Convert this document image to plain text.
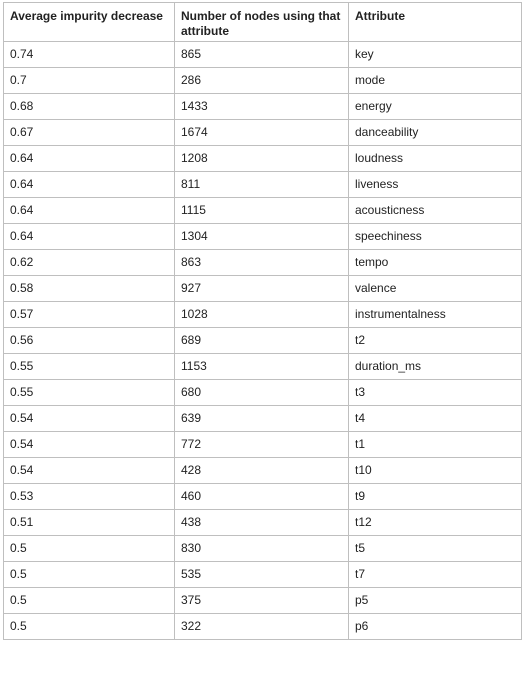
Average impurity decrease	Number of nodes using that attribute	Attribute
0.74	865	key
0.7	286	mode
0.68	1433	energy
0.67	1674	danceability
0.64	1208	loudness
0.64	811	liveness
0.64	1115	acousticness
0.64	1304	speechiness
0.62	863	tempo
0.58	927	valence
0.57	1028	instrumentalness
0.56	689	t2
0.55	1153	duration_ms
0.55	680	t3
0.54	639	t4
0.54	772	t1
0.54	428	t10
0.53	460	t9
0.51	438	t12
0.5	830	t5
0.5	535	t7
0.5	375	p5
0.5	322	p6
